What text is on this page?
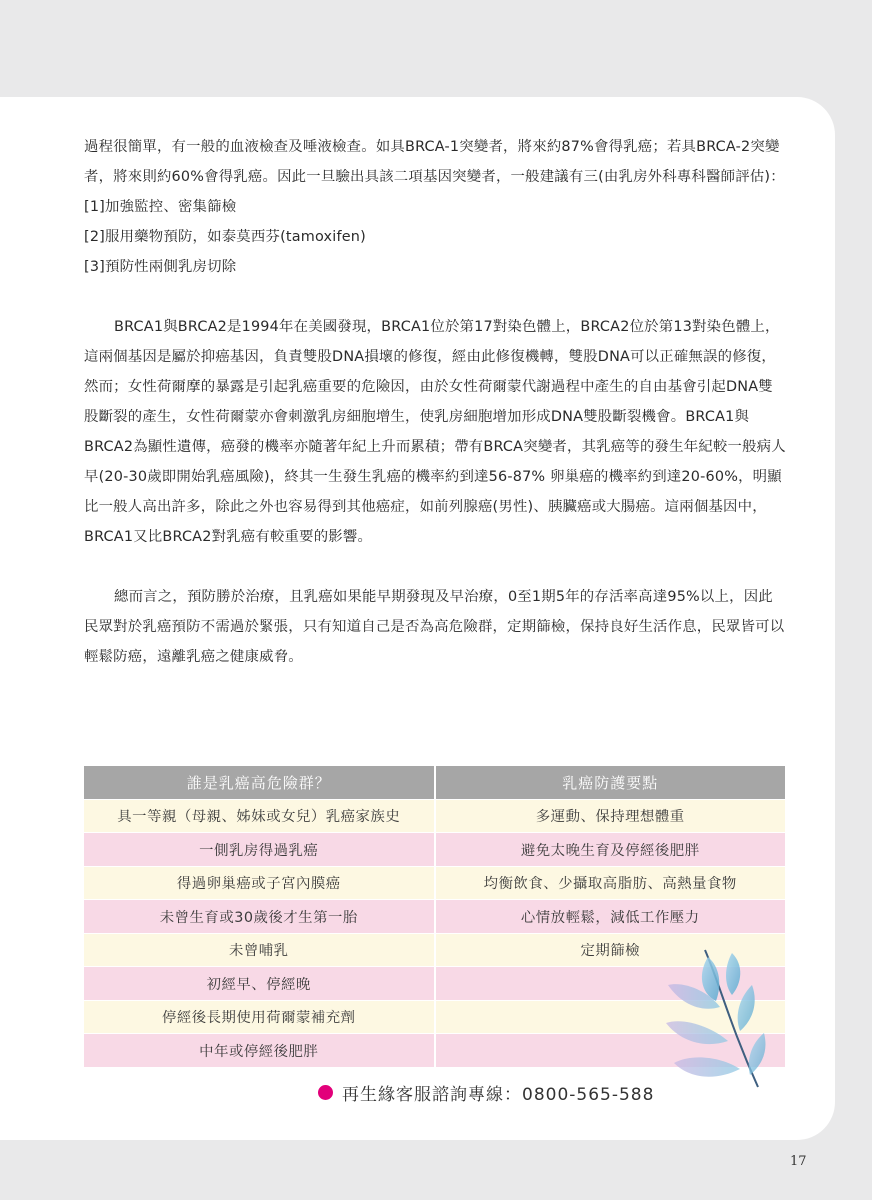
過程很簡單，有一般的血液檢查及唾液檢查。如具BRCA-1突變者，將來約87%會得乳癌；若具BRCA-2突變者，將來則約60%會得乳癌。因此一旦驗出具該二項基因突變者，一般建議有三(由乳房外科專科醫師評估)：

[1]加強監控、密集篩檢
[2]服用藥物預防，如泰莫西芬(tamoxifen)
[3]預防性兩側乳房切除

BRCA1與BRCA2是1994年在美國發現，BRCA1位於第17對染色體上，BRCA2位於第13對染色體上，這兩個基因是屬於抑癌基因，負責雙股DNA損壞的修復，經由此修復機轉，雙股DNA可以正確無誤的修復，然而；女性荷爾摩的暴露是引起乳癌重要的危險因，由於女性荷爾蒙代謝過程中產生的自由基會引起DNA雙股斷裂的產生，女性荷爾蒙亦會刺激乳房細胞增生，使乳房細胞增加形成DNA雙股斷裂機會。BRCA1與BRCA2為顯性遺傳，癌發的機率亦隨著年紀上升而累積；帶有BRCA突變者，其乳癌等的發生年紀較一般病人早(20-30歲即開始乳癌風險)，終其一生發生乳癌的機率約到達56-87% 卵巢癌的機率約到達20-60%，明顯比一般人高出許多，除此之外也容易得到其他癌症，如前列腺癌(男性)、胰臟癌或大腸癌。這兩個基因中，BRCA1又比BRCA2對乳癌有較重要的影響。

總而言之，預防勝於治療，且乳癌如果能早期發現及早治療，0至1期5年的存活率高達95%以上，因此民眾對於乳癌預防不需過於緊張，只有知道自己是否為高危險群，定期篩檢，保持良好生活作息，民眾皆可以輕鬆防癌，遠離乳癌之健康威脅。

誰是乳癌高危險群？	乳癌防護要點
具一等親（母親、姊妹或女兒）乳癌家族史	多運動、保持理想體重
一側乳房得過乳癌	避免太晚生育及停經後肥胖
得過卵巢癌或子宮內膜癌	均衡飲食、少攝取高脂肪、高熱量食物
未曾生育或30歲後才生第一胎	心情放輕鬆，減低工作壓力
未曾哺乳	定期篩檢
初經早、停經晚	
停經後長期使用荷爾蒙補充劑	
中年或停經後肥胖	
再生緣客服諮詢專線：0800-565-588
17
